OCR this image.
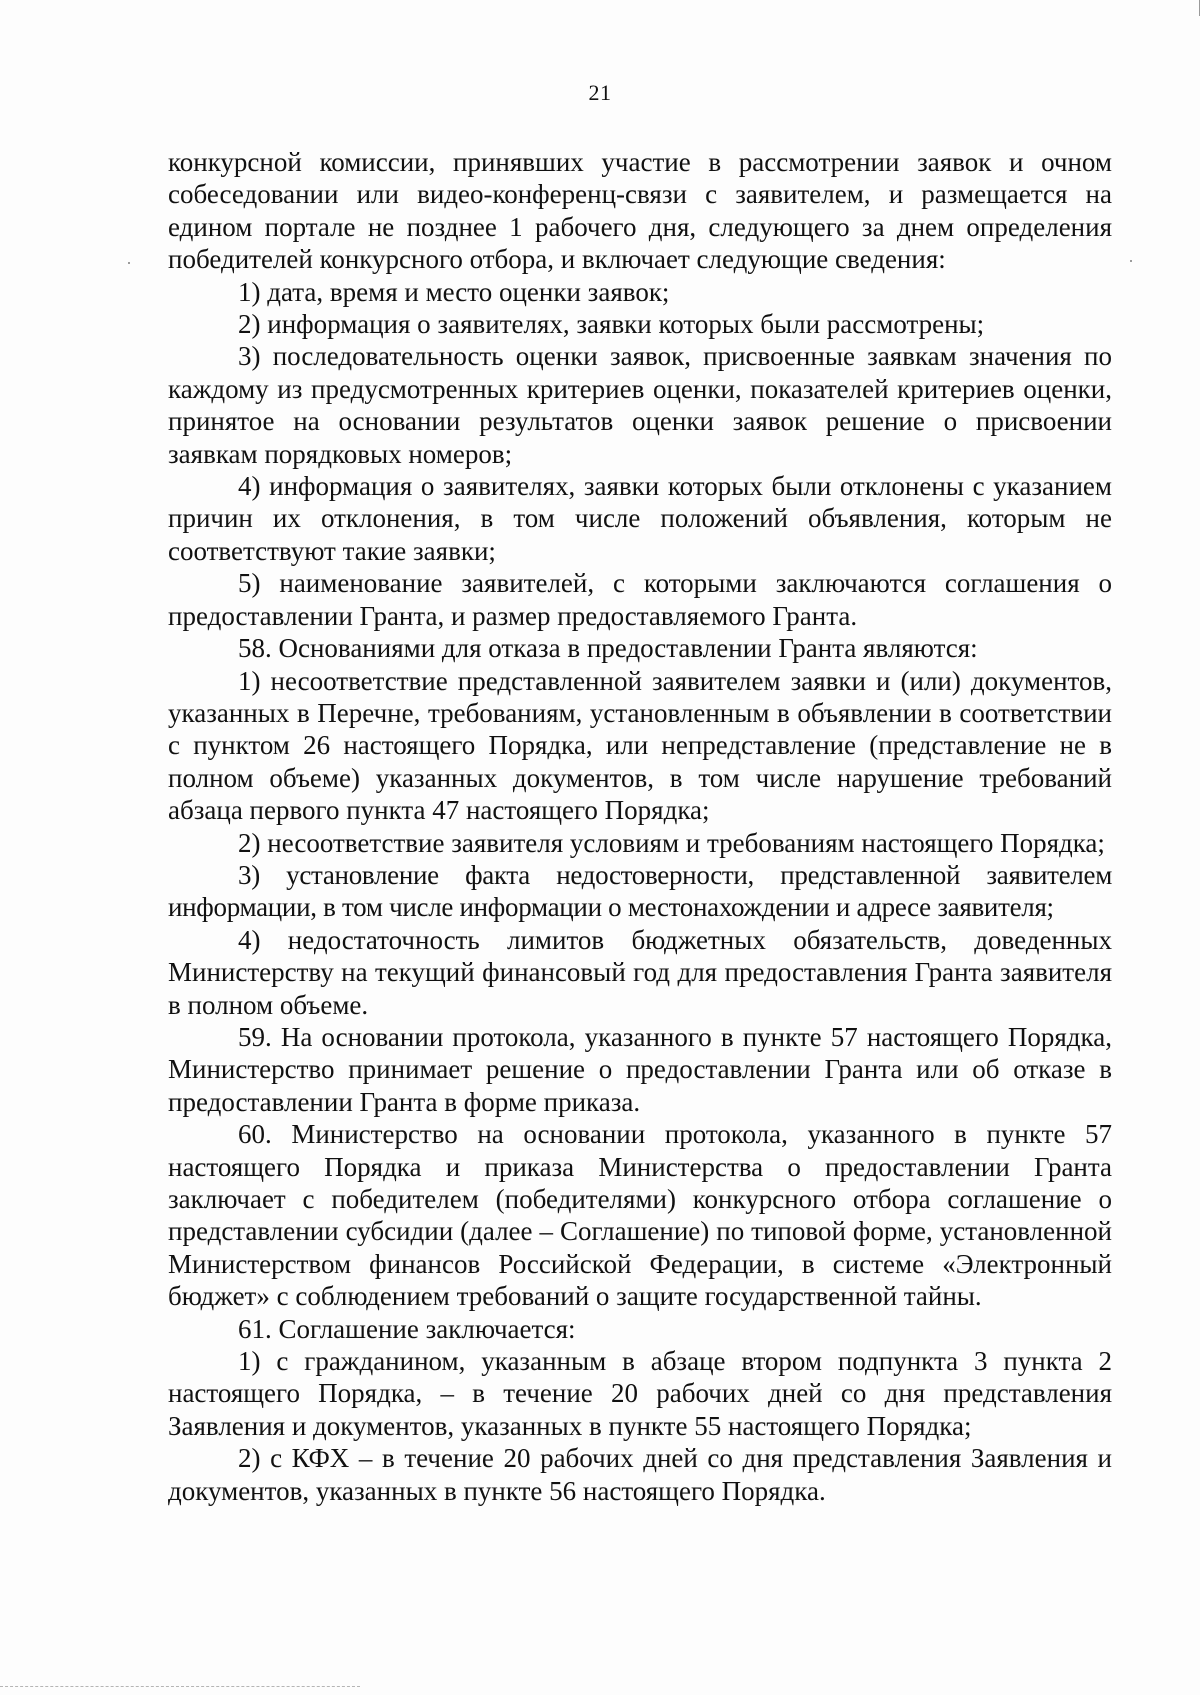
21

конкурсной комиссии, принявших участие в рассмотрении заявок и очном собеседовании или видео-конференц-связи с заявителем, и размещается на едином портале не позднее 1 рабочего дня, следующего за днем определения победителей конкурсного отбора, и включает следующие сведения:

1) дата, время и место оценки заявок;

2) информация о заявителях, заявки которых были рассмотрены;

3) последовательность оценки заявок, присвоенные заявкам значения по каждому из предусмотренных критериев оценки, показателей критериев оценки, принятое на основании результатов оценки заявок решение о присвоении заявкам порядковых номеров;

4) информация о заявителях, заявки которых были отклонены с указанием причин их отклонения, в том числе положений объявления, которым не соответствуют такие заявки;

5) наименование заявителей, с которыми заключаются соглашения о предоставлении Гранта, и размер предоставляемого Гранта.

58. Основаниями для отказа в предоставлении Гранта являются:

1) несоответствие представленной заявителем заявки и (или) документов, указанных в Перечне, требованиям, установленным в объявлении в соответствии с пунктом 26 настоящего Порядка, или непредставление (представление не в полном объеме) указанных документов, в том числе нарушение требований абзаца первого пункта 47 настоящего Порядка;

2) несоответствие заявителя условиям и требованиям настоящего Порядка;

3) установление факта недостоверности, представленной заявителем информации, в том числе информации о местонахождении и адресе заявителя;

4) недостаточность лимитов бюджетных обязательств, доведенных Министерству на текущий финансовый год для предоставления Гранта заявителя в полном объеме.

59. На основании протокола, указанного в пункте 57 настоящего Порядка, Министерство принимает решение о предоставлении Гранта или об отказе в предоставлении Гранта в форме приказа.

60. Министерство на основании протокола, указанного в пункте 57 настоящего Порядка и приказа Министерства о предоставлении Гранта заключает с победителем (победителями) конкурсного отбора соглашение о представлении субсидии (далее – Соглашение) по типовой форме, установленной Министерством финансов Российской Федерации, в системе «Электронный бюджет» с соблюдением требований о защите государственной тайны.

61. Соглашение заключается:

1) с гражданином, указанным в абзаце втором подпункта 3 пункта 2 настоящего Порядка, – в течение 20 рабочих дней со дня представления Заявления и документов, указанных в пункте 55 настоящего Порядка;

2) с КФХ – в течение 20 рабочих дней со дня представления Заявления и документов, указанных в пункте 56 настоящего Порядка.
